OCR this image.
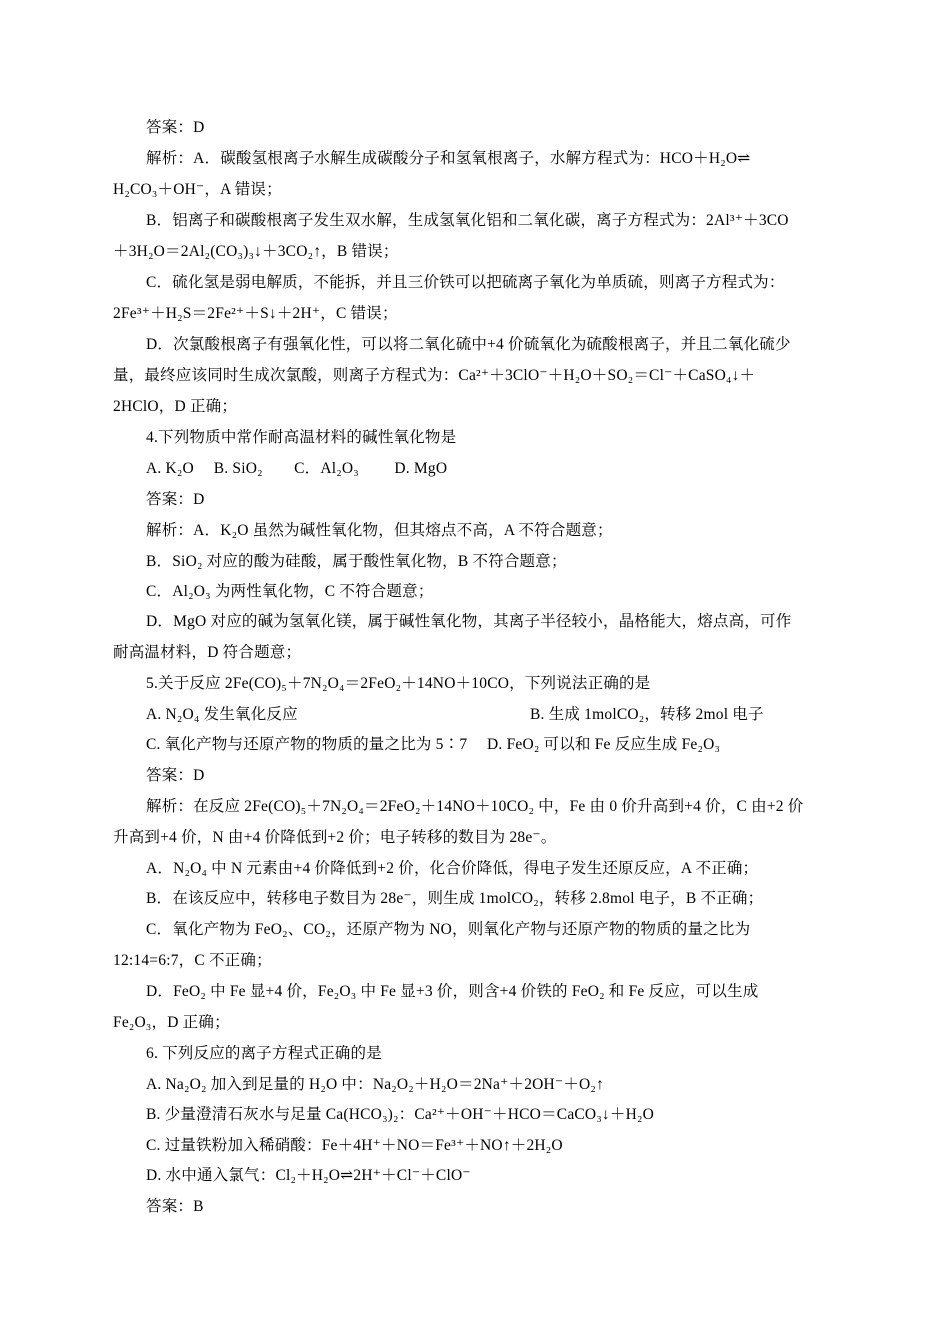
答案：D
解析：A．碳酸氢根离子水解生成碳酸分子和氢氧根离子，水解方程式为：HCO＋H₂O⇌
H₂CO₃＋OH⁻，A 错误；
B．铝离子和碳酸根离子发生双水解，生成氢氧化铝和二氧化碳，离子方程式为：2Al³⁺＋3CO
＋3H₂O＝2Al₂(CO₃)₃↓＋3CO₂↑，B 错误；
C．硫化氢是弱电解质，不能拆，并且三价铁可以把硫离子氧化为单质硫，则离子方程式为：
2Fe³⁺＋H₂S＝2Fe²⁺＋S↓＋2H⁺，C 错误；
D．次氯酸根离子有强氧化性，可以将二氧化硫中+4 价硫氧化为硫酸根离子，并且二氧化硫少
量，最终应该同时生成次氯酸，则离子方程式为：Ca²⁺＋3ClO⁻＋H₂O＋SO₂＝Cl⁻＋CaSO₄↓＋
2HClO，D 正确；
4.下列物质中常作耐高温材料的碱性氧化物是
A. K₂O　 B. SiO₂　　C．Al₂O₃　　 D. MgO
答案：D
解析：A．K₂O 虽然为碱性氧化物，但其熔点不高，A 不符合题意；
B．SiO₂ 对应的酸为硅酸，属于酸性氧化物，B 不符合题意；
C．Al₂O₃ 为两性氧化物，C 不符合题意；
D．MgO 对应的碱为氢氧化镁，属于碱性氧化物，其离子半径较小，晶格能大，熔点高，可作
耐高温材料，D 符合题意；
5.关于反应 2Fe(CO)₅＋7N₂O₄＝2FeO₂＋14NO＋10CO，下列说法正确的是
C. 氧化产物与还原产物的物质的量之比为 5∶7　 D. FeO₂ 可以和 Fe 反应生成 Fe₂O₃
答案：D
解析：在反应 2Fe(CO)₅＋7N₂O₄＝2FeO₂＋14NO＋10CO₂ 中，Fe 由 0 价升高到+4 价，C 由+2 价
升高到+4 价，N 由+4 价降低到+2 价；电子转移的数目为 28e⁻。
A．N₂O₄ 中 N 元素由+4 价降低到+2 价，化合价降低，得电子发生还原反应，A 不正确；
B．在该反应中，转移电子数目为 28e⁻，则生成 1molCO₂，转移 2.8mol 电子，B 不正确；
C．氧化产物为 FeO₂、CO₂，还原产物为 NO，则氧化产物与还原产物的物质的量之比为
12:14=6:7，C 不正确；
D．FeO₂ 中 Fe 显+4 价，Fe₂O₃ 中 Fe 显+3 价，则含+4 价铁的 FeO₂ 和 Fe 反应，可以生成
Fe₂O₃，D 正确；
6. 下列反应的离子方程式正确的是
A. Na₂O₂ 加入到足量的 H₂O 中：Na₂O₂＋H₂O＝2Na⁺＋2OH⁻＋O₂↑
B. 少量澄清石灰水与足量 Ca(HCO₃)₂：Ca²⁺＋OH⁻＋HCO＝CaCO₃↓＋H₂O
C. 过量铁粉加入稀硝酸：Fe＋4H⁺＋NO＝Fe³⁺＋NO↑＋2H₂O
D. 水中通入氯气：Cl₂＋H₂O⇌2H⁺＋Cl⁻＋ClO⁻
答案：B
A. N₂O₄ 发生氧化反应	B. 生成 1molCO₂，转移 2mol 电子
